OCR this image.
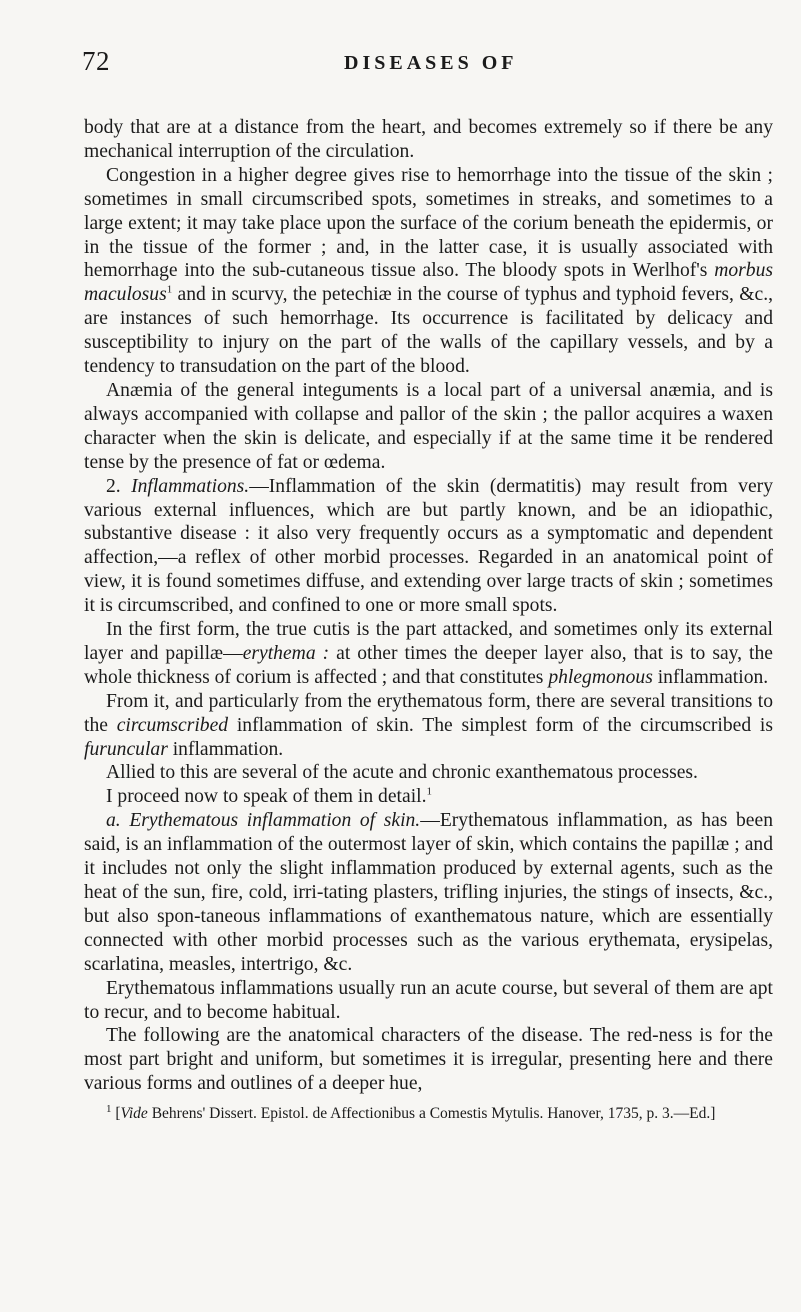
72	DISEASES OF

body that are at a distance from the heart, and becomes extremely so if there be any mechanical interruption of the circulation.

Congestion in a higher degree gives rise to hemorrhage into the tissue of the skin ; sometimes in small circumscribed spots, sometimes in streaks, and sometimes to a large extent; it may take place upon the surface of the corium beneath the epidermis, or in the tissue of the former ; and, in the latter case, it is usually associated with hemorrhage into the sub-cutaneous tissue also. The bloody spots in Werlhof's morbus maculosus$^1$ and in scurvy, the petechiæ in the course of typhus and typhoid fevers, &c., are instances of such hemorrhage. Its occurrence is facilitated by delicacy and susceptibility to injury on the part of the walls of the capillary vessels, and by a tendency to transudation on the part of the blood.

Anæmia of the general integuments is a local part of a universal anæmia, and is always accompanied with collapse and pallor of the skin ; the pallor acquires a waxen character when the skin is delicate, and especially if at the same time it be rendered tense by the presence of fat or œdema.

2. Inflammations.—Inflammation of the skin (dermatitis) may result from very various external influences, which are but partly known, and be an idiopathic, substantive disease : it also very frequently occurs as a symptomatic and dependent affection,—a reflex of other morbid processes. Regarded in an anatomical point of view, it is found sometimes diffuse, and extending over large tracts of skin ; sometimes it is circumscribed, and confined to one or more small spots.

In the first form, the true cutis is the part attacked, and sometimes only its external layer and papillæ—erythema : at other times the deeper layer also, that is to say, the whole thickness of corium is affected ; and that constitutes phlegmonous inflammation.

From it, and particularly from the erythematous form, there are several transitions to the circumscribed inflammation of skin. The simplest form of the circumscribed is furuncular inflammation.

Allied to this are several of the acute and chronic exanthematous processes.

I proceed now to speak of them in detail.$^1$

a. Erythematous inflammation of skin.—Erythematous inflammation, as has been said, is an inflammation of the outermost layer of skin, which contains the papillæ ; and it includes not only the slight inflammation produced by external agents, such as the heat of the sun, fire, cold, irri-tating plasters, trifling injuries, the stings of insects, &c., but also spon-taneous inflammations of exanthematous nature, which are essentially connected with other morbid processes such as the various erythemata, erysipelas, scarlatina, measles, intertrigo, &c.

Erythematous inflammations usually run an acute course, but several of them are apt to recur, and to become habitual.

The following are the anatomical characters of the disease. The red-ness is for the most part bright and uniform, but sometimes it is irregular, presenting here and there various forms and outlines of a deeper hue,

$^1$ [Vide Behrens' Dissert. Epistol. de Affectionibus a Comestis Mytulis. Hanover, 1735, p. 3.—Ed.]
